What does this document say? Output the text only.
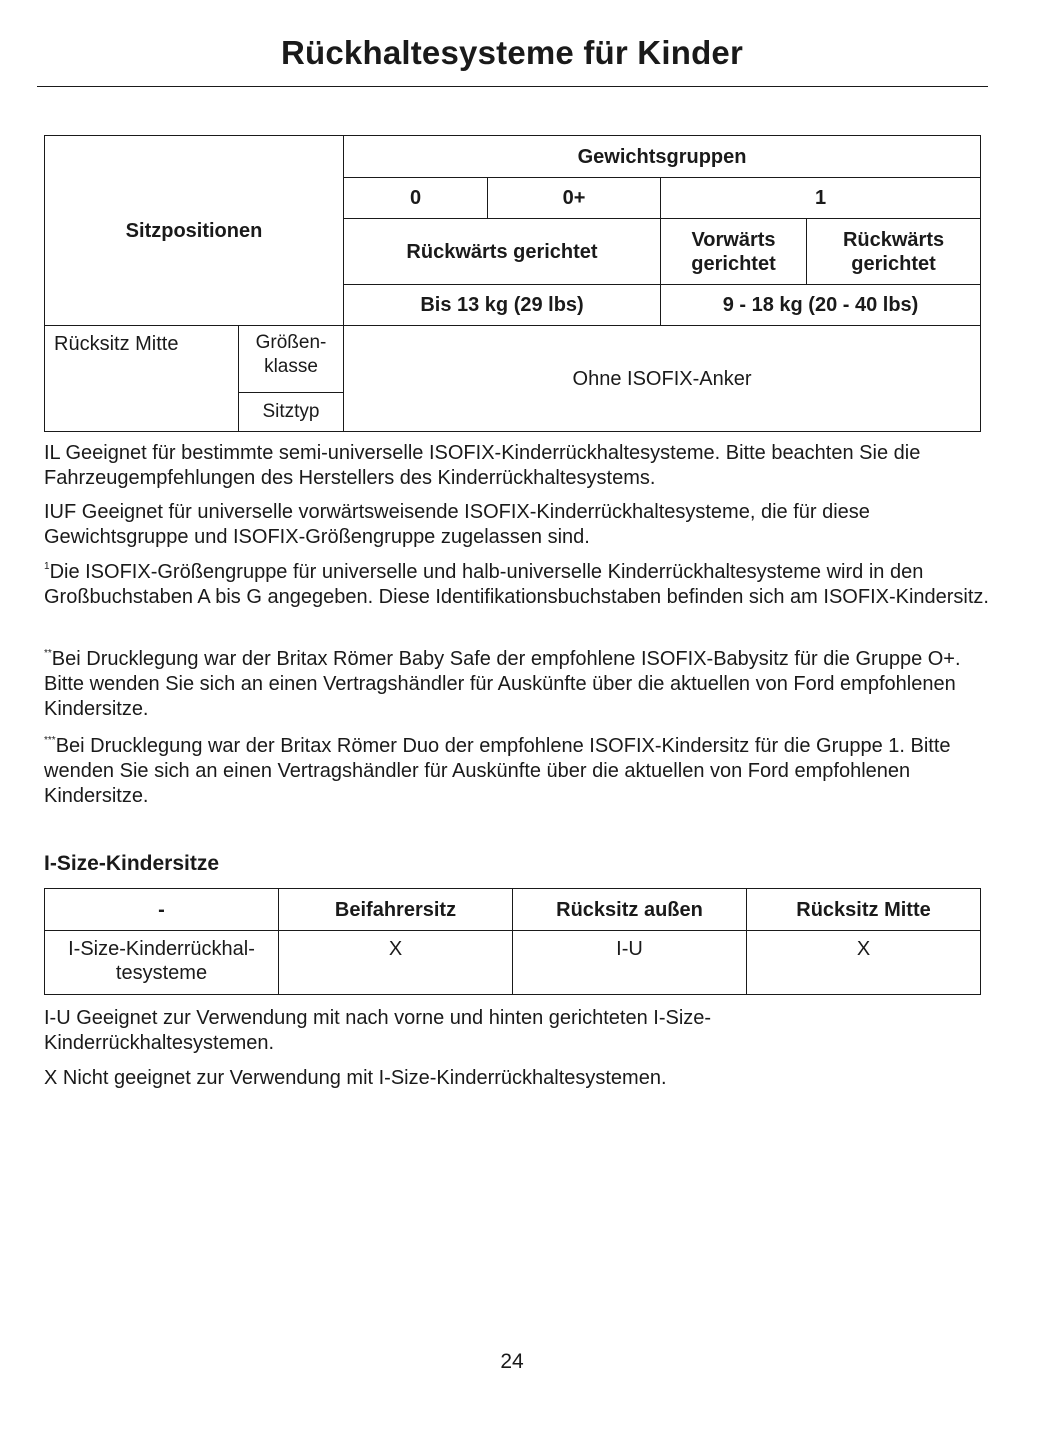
Rückhaltesysteme für Kinder
Sitzpositionen		Gewichtsgruppen			
		0	0+	1	
		Rückwärts gerichtet		Vorwärts gerichtet	Rückwärts gerichtet
		Bis 13 kg (29 lbs)		9 - 18 kg (20 - 40 lbs)	
Rücksitz Mitte	Größen-klasse	Ohne ISOFIX-Anker			
	Sitztyp				

IL Geeignet für bestimmte semi-universelle ISOFIX-Kinderrückhaltesysteme. Bitte beachten Sie die Fahrzeugempfehlungen des Herstellers des Kinderrückhaltesystems.

IUF Geeignet für universelle vorwärtsweisende ISOFIX-Kinderrückhaltesysteme, die für diese Gewichtsgruppe und ISOFIX-Größengruppe zugelassen sind.

$^1$Die ISOFIX-Größengruppe für universelle und halb-universelle Kinderrückhaltesysteme wird in den Großbuchstaben A bis G angegeben. Diese Identifikationsbuchstaben befinden sich am ISOFIX-Kindersitz.

**Bei Drucklegung war der Britax Römer Baby Safe der empfohlene ISOFIX-Babysitz für die Gruppe O+. Bitte wenden Sie sich an einen Vertragshändler für Auskünfte über die aktuellen von Ford empfohlenen Kindersitze.

***Bei Drucklegung war der Britax Römer Duo der empfohlene ISOFIX-Kindersitz für die Gruppe 1. Bitte wenden Sie sich an einen Vertragshändler für Auskünfte über die aktuellen von Ford empfohlenen Kindersitze.

I-Size-Kindersitze
-	Beifahrersitz	Rücksitz außen	Rücksitz Mitte
I-Size-Kinderrückhal-tesysteme	X	I-U	X

I-U Geeignet zur Verwendung mit nach vorne und hinten gerichteten I-Size-Kinderrückhaltesystemen.

X Nicht geeignet zur Verwendung mit I-Size-Kinderrückhaltesystemen.

24
